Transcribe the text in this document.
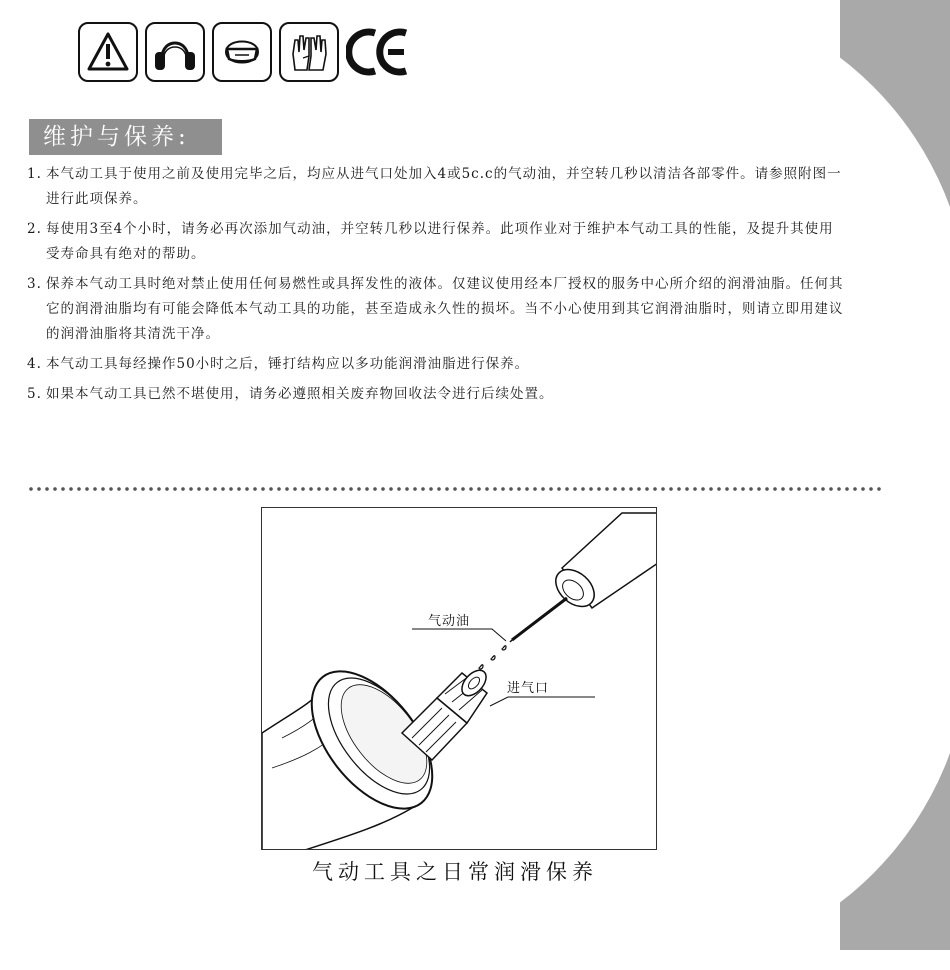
维护与保养:
1. 本气动工具于使用之前及使用完毕之后，均应从进气口处加入4或5c.c的气动油，并空转几秒以清洁各部零件。请参照附图一进行此项保养。
2. 每使用3至4个小时，请务必再次添加气动油，并空转几秒以进行保养。此项作业对于维护本气动工具的性能，及提升其使用受寿命具有绝对的帮助。
3. 保养本气动工具时绝对禁止使用任何易燃性或具挥发性的液体。仅建议使用经本厂授权的服务中心所介绍的润滑油脂。任何其它的润滑油脂均有可能会降低本气动工具的功能，甚至造成永久性的损坏。当不小心使用到其它润滑油脂时，则请立即用建议的润滑油脂将其清洗干净。
4. 本气动工具每经操作50小时之后，锤打结构应以多功能润滑油脂进行保养。
5. 如果本气动工具已然不堪使用，请务必遵照相关废弃物回收法令进行后续处置。
气动油
进气口
气动工具之日常润滑保养
